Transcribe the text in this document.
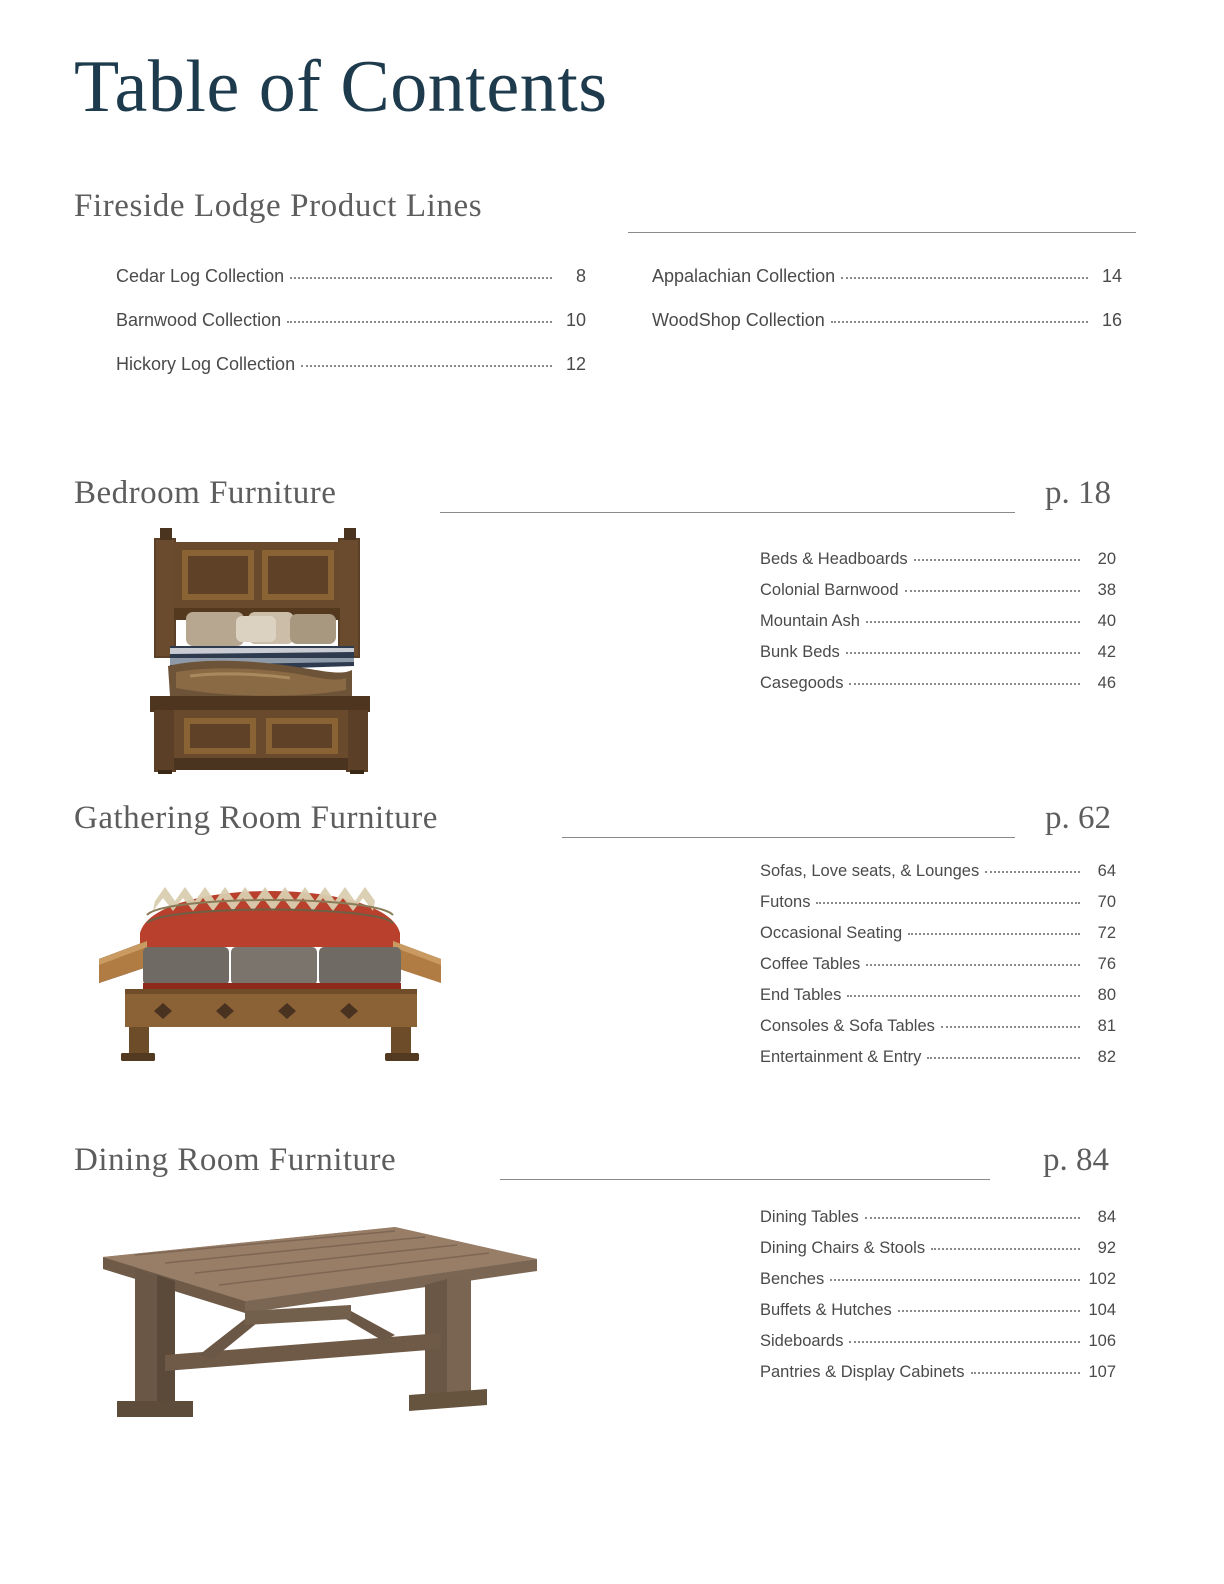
Table of Contents
Fireside Lodge Product Lines
Cedar Log Collection	8
Barnwood Collection	10
Hickory Log Collection	12
Appalachian Collection	14
WoodShop Collection	16
Bedroom Furniture	p. 18
Beds & Headboards	20
Colonial Barnwood	38
Mountain Ash	40
Bunk Beds	42
Casegoods	46
Gathering Room Furniture	p. 62
Sofas, Love seats, & Lounges	64
Futons	70
Occasional Seating	72
Coffee Tables	76
End Tables	80
Consoles & Sofa Tables	81
Entertainment & Entry	82
Dining Room Furniture	p. 84
Dining Tables	84
Dining Chairs & Stools	92
Benches	102
Buffets & Hutches	104
Sideboards	106
Pantries & Display Cabinets	107
